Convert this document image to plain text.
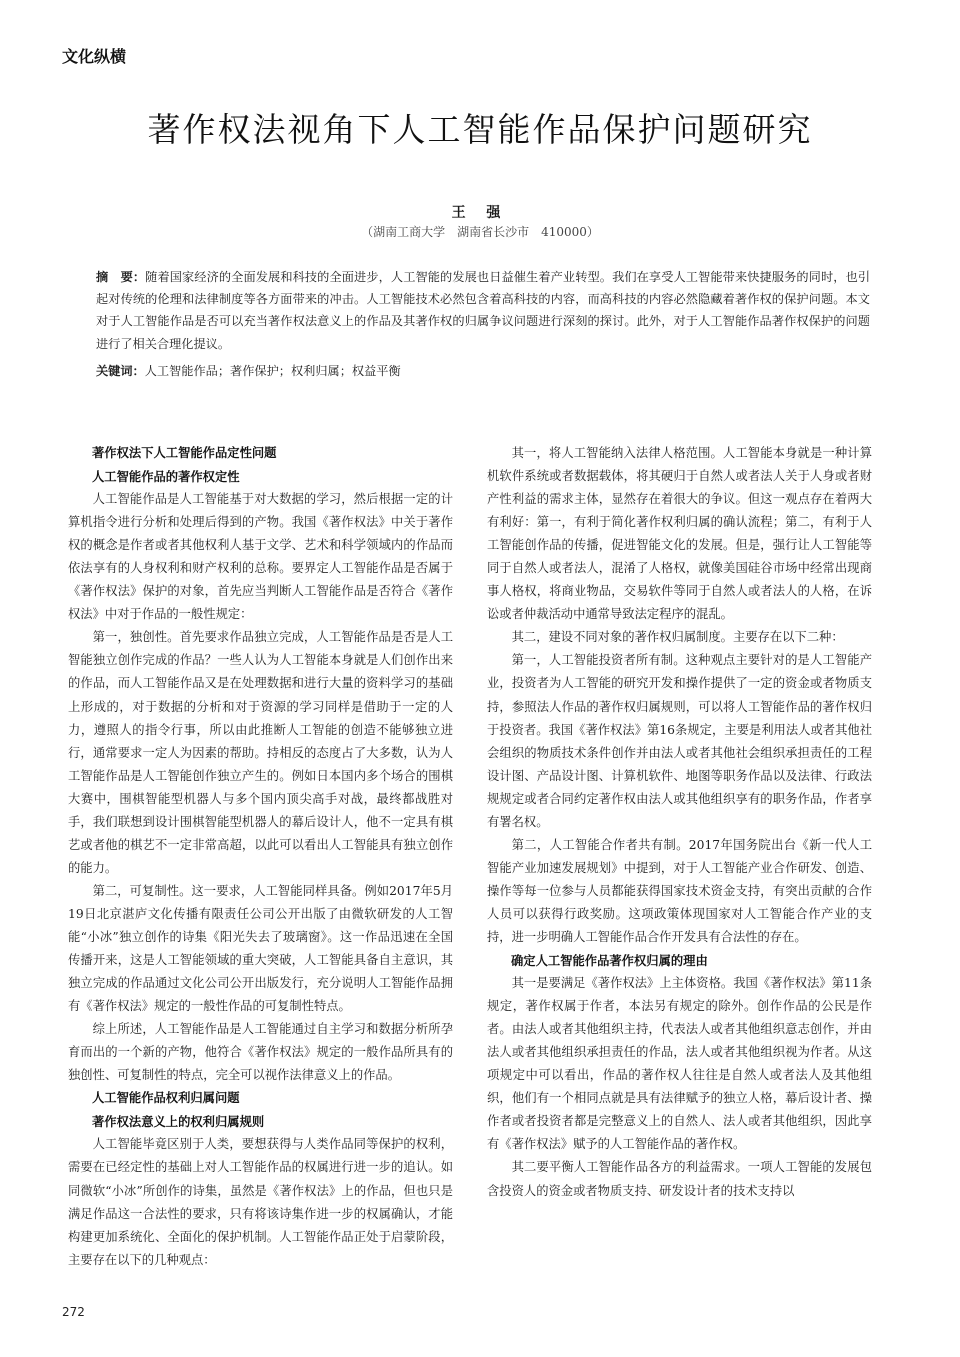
文化纵横
著作权法视角下人工智能作品保护问题研究
王 强
（湖南工商大学　湖南省长沙市　410000）

摘　要：随着国家经济的全面发展和科技的全面进步，人工智能的发展也日益催生着产业转型。我们在享受人工智能带来快捷服务的同时，也引起对传统的伦理和法律制度等各方面带来的冲击。人工智能技术必然包含着高科技的内容，而高科技的内容必然隐藏着著作权的保护问题。本文对于人工智能作品是否可以充当著作权法意义上的作品及其著作权的归属争议问题进行深刻的探讨。此外，对于人工智能作品著作权保护的问题进行了相关合理化提议。

关键词：人工智能作品；著作保护；权利归属；权益平衡

著作权法下人工智能作品定性问题
人工智能作品的著作权定性

人工智能作品是人工智能基于对大数据的学习，然后根据一定的计算机指令进行分析和处理后得到的产物。我国《著作权法》中关于著作权的概念是作者或者其他权利人基于文学、艺术和科学领域内的作品而依法享有的人身权利和财产权利的总称。要界定人工智能作品是否属于《著作权法》保护的对象，首先应当判断人工智能作品是否符合《著作权法》中对于作品的一般性规定：

第一，独创性。首先要求作品独立完成，人工智能作品是否是人工智能独立创作完成的作品？一些人认为人工智能本身就是人们创作出来的作品，而人工智能作品又是在处理数据和进行大量的资料学习的基础上形成的，对于数据的分析和对于资源的学习同样是借助于一定的人力，遵照人的指令行事，所以由此推断人工智能的创造不能够独立进行，通常要求一定人为因素的帮助。持相反的态度占了大多数，认为人工智能作品是人工智能创作独立产生的。例如日本国内多个场合的围棋大赛中，围棋智能型机器人与多个国内顶尖高手对战，最终都战胜对手，我们联想到设计围棋智能型机器人的幕后设计人，他不一定具有棋艺或者他的棋艺不一定非常高超，以此可以看出人工智能具有独立创作的能力。

第二，可复制性。这一要求，人工智能同样具备。例如2017年5月19日北京湛庐文化传播有限责任公司公开出版了由微软研发的人工智能“小冰”独立创作的诗集《阳光失去了玻璃窗》。这一作品迅速在全国传播开来，这是人工智能领域的重大突破，人工智能具备自主意识，其独立完成的作品通过文化公司公开出版发行，充分说明人工智能作品拥有《著作权法》规定的一般性作品的可复制性特点。

综上所述，人工智能作品是人工智能通过自主学习和数据分析所孕育而出的一个新的产物，他符合《著作权法》规定的一般作品所具有的独创性、可复制性的特点，完全可以视作法律意义上的作品。

人工智能作品权利归属问题
著作权法意义上的权利归属规则

人工智能毕竟区别于人类，要想获得与人类作品同等保护的权利，需要在已经定性的基础上对人工智能作品的权属进行进一步的追认。如同微软“小冰”所创作的诗集，虽然是《著作权法》上的作品，但也只是满足作品这一合法性的要求，只有将该诗集作进一步的权属确认，才能构建更加系统化、全面化的保护机制。人工智能作品正处于启蒙阶段，主要存在以下的几种观点：

其一，将人工智能纳入法律人格范围。人工智能本身就是一种计算机软件系统或者数据载体，将其硬归于自然人或者法人关于人身或者财产性利益的需求主体，显然存在着很大的争议。但这一观点存在着两大有利好：第一，有利于简化著作权利归属的确认流程；第二，有利于人工智能创作品的传播，促进智能文化的发展。但是，强行让人工智能等同于自然人或者法人，混淆了人格权，就像美国硅谷市场中经常出现商事人格权，将商业物品，交易软件等同于自然人或者法人的人格，在诉讼或者仲裁活动中通常导致法定程序的混乱。

其二，建设不同对象的著作权归属制度。主要存在以下二种：

第一，人工智能投资者所有制。这种观点主要针对的是人工智能产业，投资者为人工智能的研究开发和操作提供了一定的资金或者物质支持，参照法人作品的著作权归属规则，可以将人工智能作品的著作权归于投资者。我国《著作权法》第16条规定，主要是利用法人或者其他社会组织的物质技术条件创作并由法人或者其他社会组织承担责任的工程设计图、产品设计图、计算机软件、地图等职务作品以及法律、行政法规规定或者合同约定著作权由法人或其他组织享有的职务作品，作者享有署名权。

第二，人工智能合作者共有制。2017年国务院出台《新一代人工智能产业加速发展规划》中提到，对于人工智能产业合作研发、创造、操作等每一位参与人员都能获得国家技术资金支持，有突出贡献的合作人员可以获得行政奖励。这项政策体现国家对人工智能合作产业的支持，进一步明确人工智能作品合作开发具有合法性的存在。

确定人工智能作品著作权归属的理由

其一是要满足《著作权法》上主体资格。我国《著作权法》第11条规定，著作权属于作者，本法另有规定的除外。创作作品的公民是作者。由法人或者其他组织主持，代表法人或者其他组织意志创作，并由法人或者其他组织承担责任的作品，法人或者其他组织视为作者。从这项规定中可以看出，作品的著作权人往往是自然人或者法人及其他组织，他们有一个相同点就是具有法律赋予的独立人格，幕后设计者、操作者或者投资者都是完整意义上的自然人、法人或者其他组织，因此享有《著作权法》赋予的人工智能作品的著作权。

其二要平衡人工智能作品各方的利益需求。一项人工智能的发展包含投资人的资金或者物质支持、研发设计者的技术支持以

272
